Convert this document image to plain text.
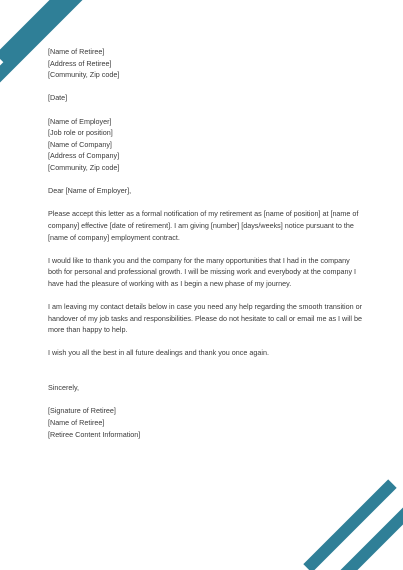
[Name of Retiree]
[Address of Retiree]
[Community, Zip code]
[Date]
[Name of Employer]
[Job role or position]
[Name of Company]
[Address of Company]
[Community, Zip code]
Dear [Name of Employer],
Please accept this letter as a formal notification of my retirement as [name of position] at [name of
company] effective [date of retirement]. I am giving [number] [days/weeks] notice pursuant to the
[name of company] employment contract.
I would like to thank you and the company for the many opportunities that I had in the company
both for personal and professional growth. I will be missing work and everybody at the company I
have had the pleasure of working with as I begin a new phase of my journey.
I am leaving my contact details below in case you need any help regarding the smooth transition or
handover of my job tasks and responsibilities. Please do not hesitate to call or email me as I will be
more than happy to help.
I wish you all the best in all future dealings and thank you once again.
Sincerely,
[Signature of Retiree]
[Name of Retiree]
[Retiree Content Information]
